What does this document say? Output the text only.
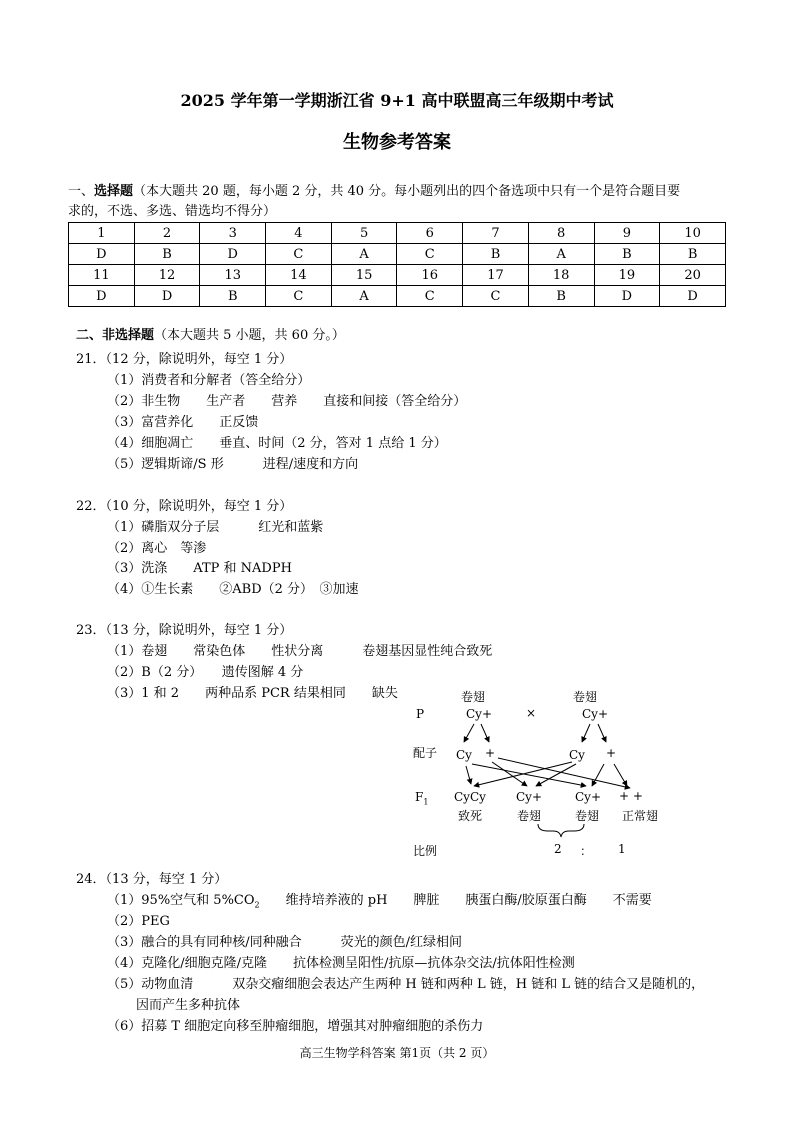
2025 学年第一学期浙江省 9+1 高中联盟高三年级期中考试
生物参考答案
一、选择题（本大题共 20 题，每小题 2 分，共 40 分。每小题列出的四个备选项中只有一个是符合题目要
求的，不选、多选、错选均不得分）
1	2	3	4	5	6	7	8	9	10
D	B	D	C	A	C	B	A	B	B
11	12	13	14	15	16	17	18	19	20
D	D	B	C	A	C	C	B	D	D
二、非选择题（本大题共 5 小题，共 60 分。）
21．（12 分，除说明外，每空 1 分）
（1）消费者和分解者（答全给分）
（2）非生物　　生产者　　营养　　直接和间接（答全给分）
（3）富营养化　　正反馈
（4）细胞凋亡　　垂直、时间（2 分，答对 1 点给 1 分）
（5）逻辑斯谛/S 形　　　进程/速度和方向
22．（10 分，除说明外，每空 1 分）
（1）磷脂双分子层　　　红光和蓝紫
（2）离心　等渗
（3）洗涤　　ATP 和 NADPH
（4）①生长素　　②ABD（2 分）　③加速
23．（13 分，除说明外，每空 1 分）
（1）卷翅　　常染色体　　性状分离　　　卷翅基因显性纯合致死
（2）B（2 分）　　遗传图解 4 分
（3）1 和 2　　两种品系 PCR 结果相同　　缺失	卷翅	卷翅
P	Cy+	×	Cy+
配子 Cy +	Cy +
$F_1$ CyCy
致死
Cy+
卷翅
Cy+
卷翅
+ +
正常翅
比例	2 ： 1
24．（13 分，每空 1 分）
（1）95%空气和 $5\%CO_2$　　维持培养液的 pH　　脾脏　　胰蛋白酶/胶原蛋白酶　　不需要
（2）PEG
（3）融合的具有同种核/同种融合　　　荧光的颜色/红绿相间
（4）克隆化/细胞克隆/克隆　　抗体检测呈阳性/抗原—抗体杂交法/抗体阳性检测
（5）动物血清　　　双杂交瘤细胞会表达产生两种 H 链和两种 L 链，H 链和 L 链的结合又是随机的，
因而产生多种抗体
（6）招募 T 细胞定向移至肿瘤细胞，增强其对肿瘤细胞的杀伤力
高三生物学科答案 第1页（共 2 页）
